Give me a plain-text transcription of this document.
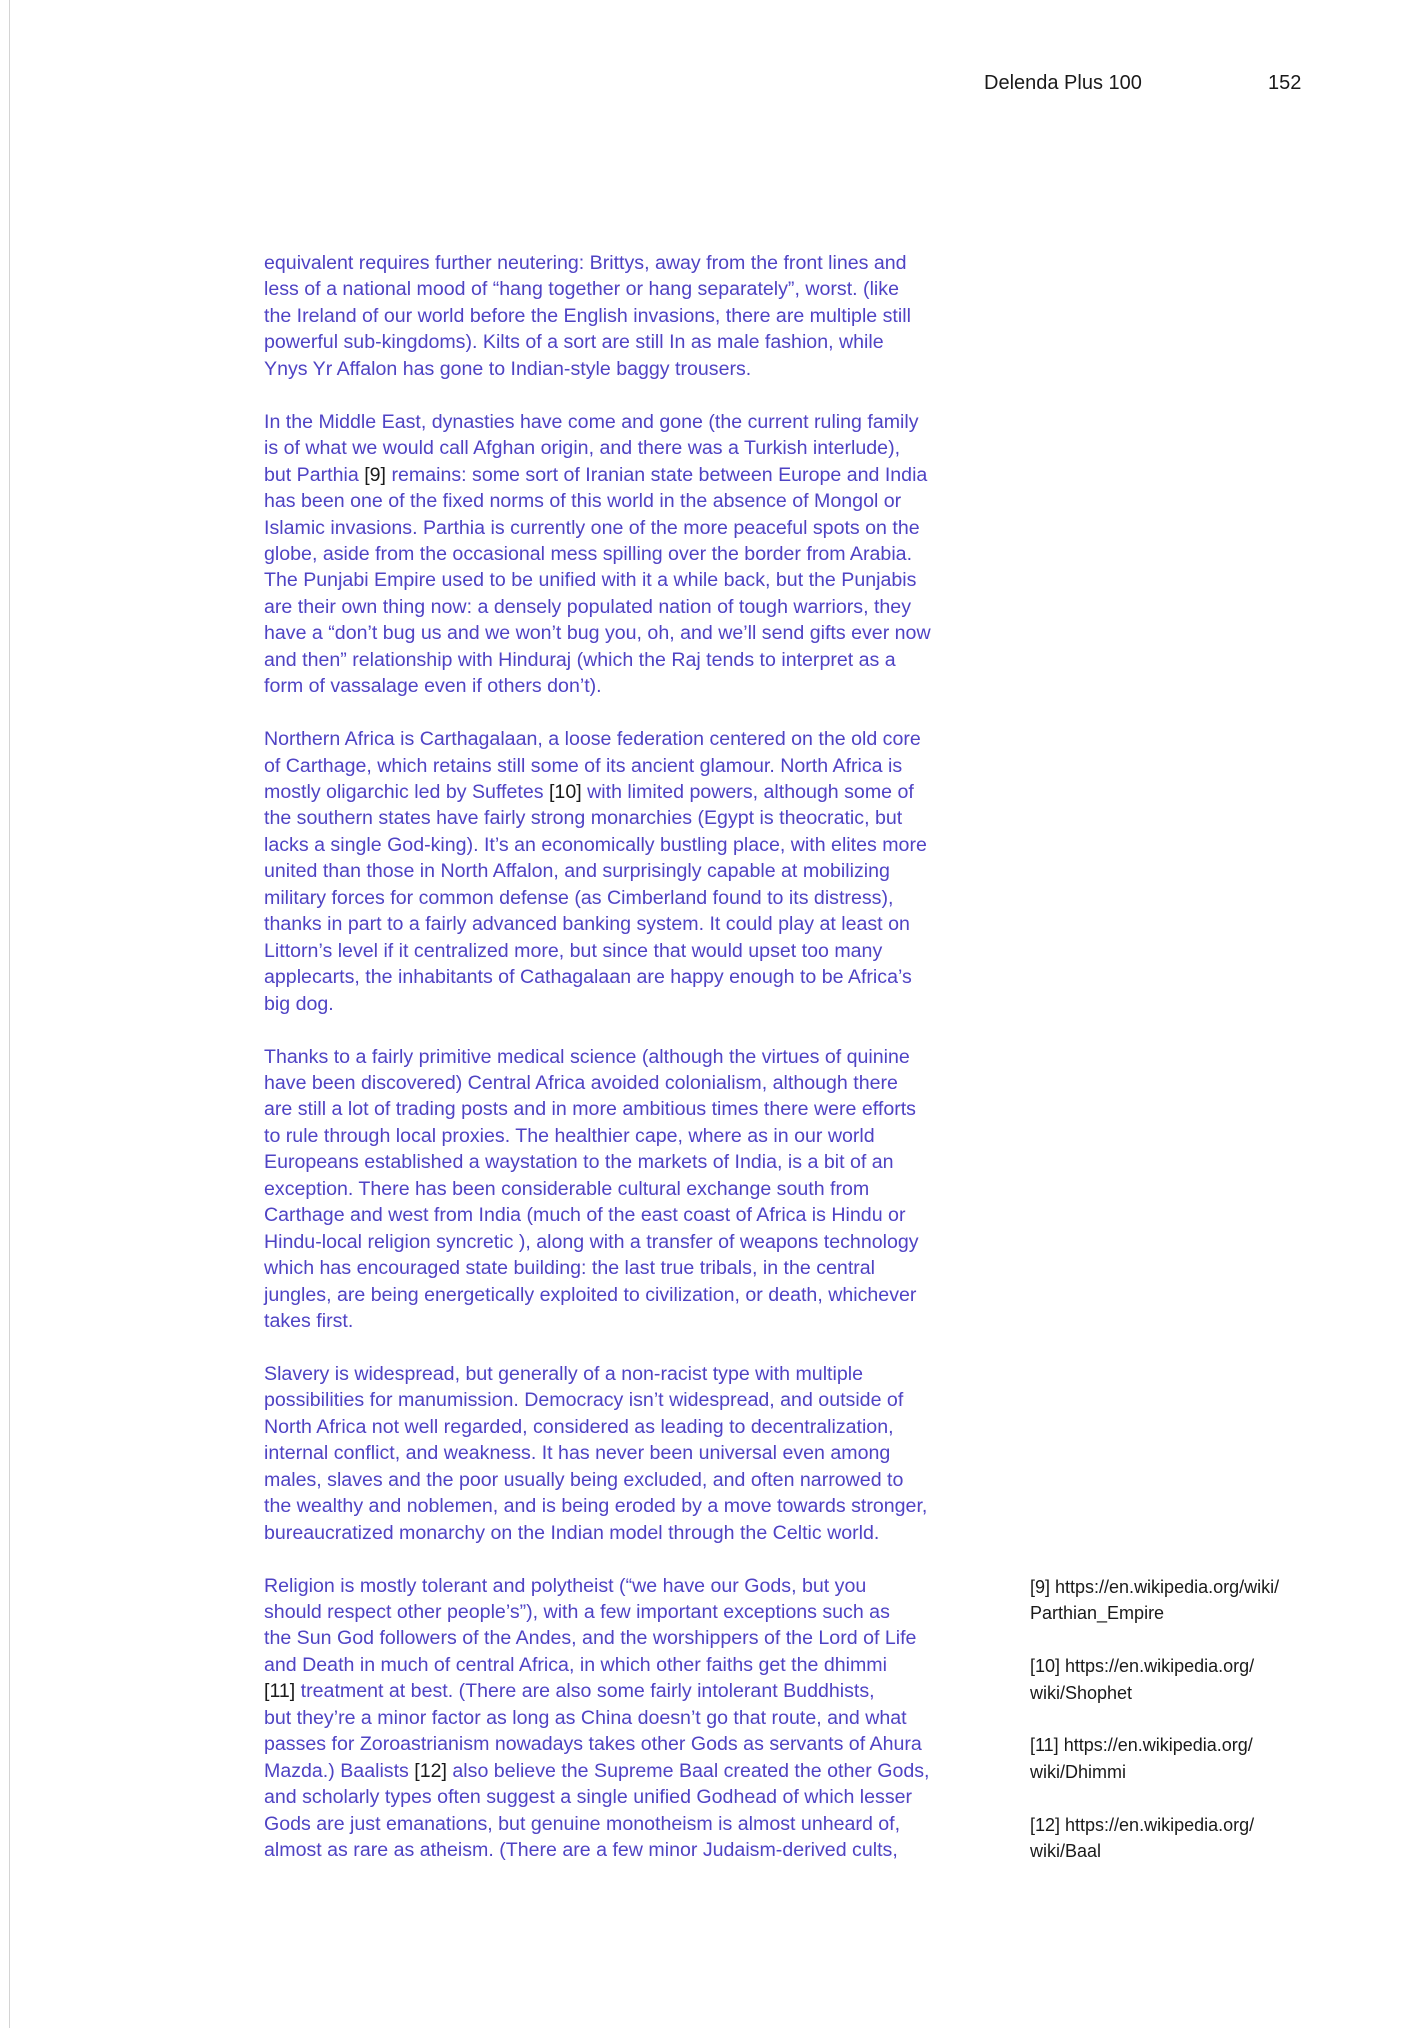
Delenda Plus 100	152

equivalent requires further neutering: Brittys, away from the front lines and
less of a national mood of “hang together or hang separately”, worst. (like
the Ireland of our world before the English invasions, there are multiple still
powerful sub-kingdoms). Kilts of a sort are still In as male fashion, while
Ynys Yr Affalon has gone to Indian-style baggy trousers.

In the Middle East, dynasties have come and gone (the current ruling family
is of what we would call Afghan origin, and there was a Turkish interlude),
but Parthia [9] remains: some sort of Iranian state between Europe and India
has been one of the fixed norms of this world in the absence of Mongol or
Islamic invasions. Parthia is currently one of the more peaceful spots on the
globe, aside from the occasional mess spilling over the border from Arabia.
The Punjabi Empire used to be unified with it a while back, but the Punjabis
are their own thing now: a densely populated nation of tough warriors, they
have a “don’t bug us and we won’t bug you, oh, and we’ll send gifts ever now
and then” relationship with Hinduraj (which the Raj tends to interpret as a
form of vassalage even if others don’t).

Northern Africa is Carthagalaan, a loose federation centered on the old core
of Carthage, which retains still some of its ancient glamour. North Africa is
mostly oligarchic led by Suffetes [10] with limited powers, although some of
the southern states have fairly strong monarchies (Egypt is theocratic, but
lacks a single God-king). It’s an economically bustling place, with elites more
united than those in North Affalon, and surprisingly capable at mobilizing
military forces for common defense (as Cimberland found to its distress),
thanks in part to a fairly advanced banking system. It could play at least on
Littorn’s level if it centralized more, but since that would upset too many
applecarts, the inhabitants of Cathagalaan are happy enough to be Africa’s
big dog.

Thanks to a fairly primitive medical science (although the virtues of quinine
have been discovered) Central Africa avoided colonialism, although there
are still a lot of trading posts and in more ambitious times there were efforts
to rule through local proxies. The healthier cape, where as in our world
Europeans established a waystation to the markets of India, is a bit of an
exception. There has been considerable cultural exchange south from
Carthage and west from India (much of the east coast of Africa is Hindu or
Hindu-local religion syncretic ), along with a transfer of weapons technology
which has encouraged state building: the last true tribals, in the central
jungles, are being energetically exploited to civilization, or death, whichever
takes first.

Slavery is widespread, but generally of a non-racist type with multiple
possibilities for manumission. Democracy isn’t widespread, and outside of
North Africa not well regarded, considered as leading to decentralization,
internal conflict, and weakness. It has never been universal even among
males, slaves and the poor usually being excluded, and often narrowed to
the wealthy and noblemen, and is being eroded by a move towards stronger,
bureaucratized monarchy on the Indian model through the Celtic world.

Religion is mostly tolerant and polytheist (“we have our Gods, but you
should respect other people’s”), with a few important exceptions such as
the Sun God followers of the Andes, and the worshippers of the Lord of Life
and Death in much of central Africa, in which other faiths get the dhimmi
[11] treatment at best. (There are also some fairly intolerant Buddhists,
but they’re a minor factor as long as China doesn’t go that route, and what
passes for Zoroastrianism nowadays takes other Gods as servants of Ahura
Mazda.) Baalists [12] also believe the Supreme Baal created the other Gods,
and scholarly types often suggest a single unified Godhead of which lesser
Gods are just emanations, but genuine monotheism is almost unheard of,
almost as rare as atheism. (There are a few minor Judaism-derived cults,

[9] https://en.wikipedia.org/wiki/
Parthian_Empire
[10] https://en.wikipedia.org/
wiki/Shophet
[11] https://en.wikipedia.org/
wiki/Dhimmi
[12] https://en.wikipedia.org/
wiki/Baal
